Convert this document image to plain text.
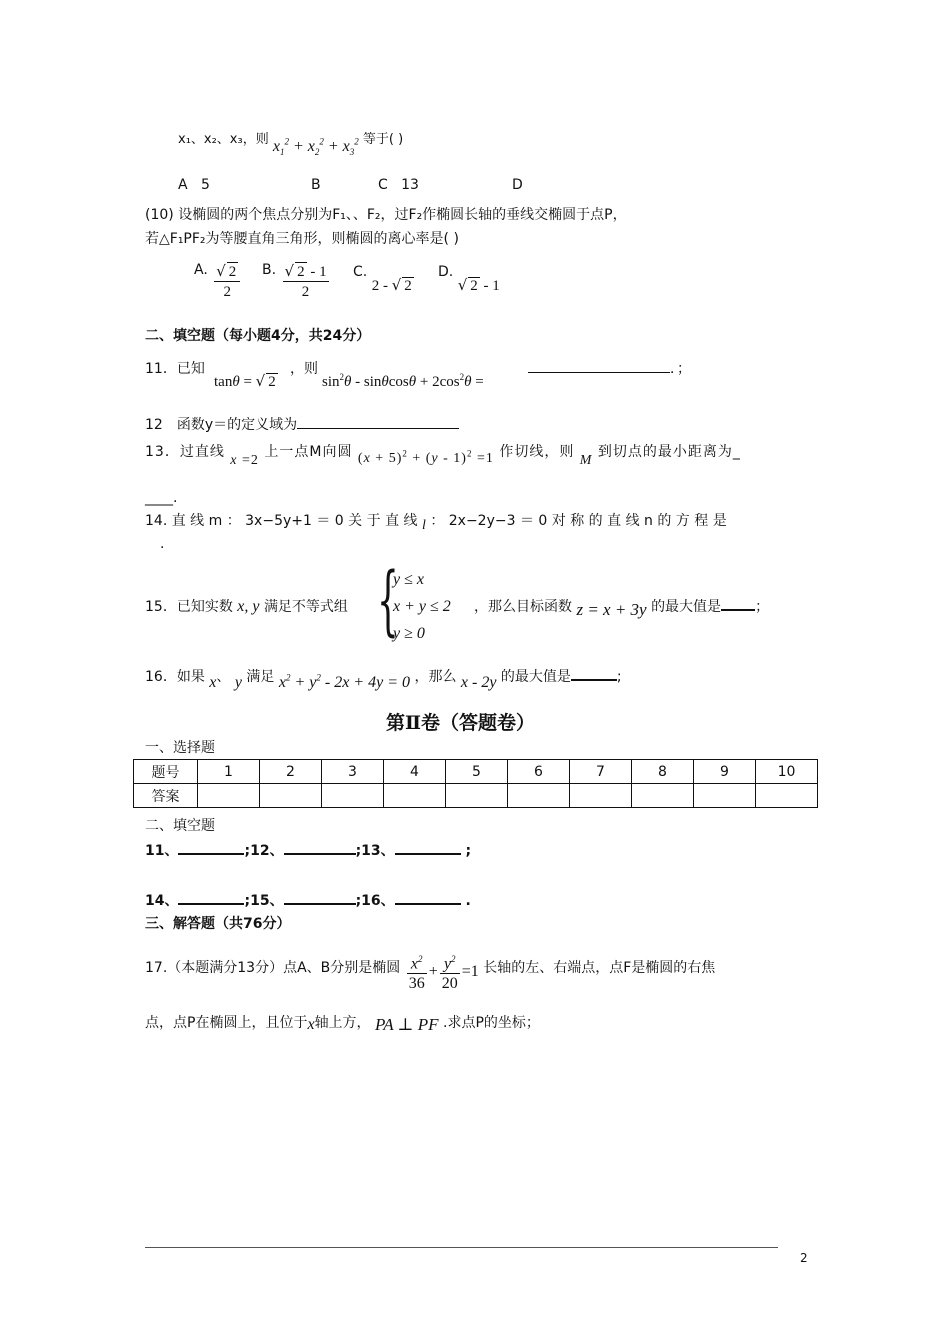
x₁、x₂、x₃，则 $x_1^2 + x_2^2 + x_3^2$ 等于( )
A 5	B	C 13	D
(10) 设椭圆的两个焦点分别为F₁、、F₂，过F₂作椭圆长轴的垂线交椭圆于点P，
若△F₁PF₂为等腰直角三角形，则椭圆的离心率是( )
A. $\frac{√ 2}{2} B$. $\frac{√ 2 - 1}{2} C$. 2 - √ 2
D. √ 2 - 1
二、填空题（每小题4分，共24分）
11．已知
tanθ = √ 2
，则
$\sin^2\theta - \sin\theta\cos\theta + 2\cos^2\theta$ =
．；
12　函数y＝的定义域为
13．过直线 x =2 上一点M向圆 $(x + 5)^2 + (y - 1)^2 =1$ 作切线，则 M 到切点的最小距离为_
____.
14. 直 线 m ： 3x−5y+1 ＝ 0 关 于 直 线 l ： 2x−2y−3 ＝ 0 对 称 的 直 线 n 的 方 程 是
.
15．已知实数 x, y 满足不等式组 {
y ≤ x
x + y ≤ 2
y ≥ 0
，那么目标函数 z = x + 3y 的最大值是 ；
16．如果 x、 y 满足 $x^2 + y^2 - 2x + 4y = 0$ ，那么 x - 2y 的最大值是	;
第Ⅱ卷（答题卷）
一、选择题
题号	1	2	3	4	5	6	7	8	9	10
答案										
二、填空题
11、	;12、	;13、	;
14、	;15、	;16、	.
三、解答题（共76分）
17.（本题满分13分）点A、B分别是椭圆 $\frac{x^2}{36} + \frac{y^2}{20} =1$ 长轴的左、右端点，点F是椭圆的右焦
点，点P在椭圆上，且位于x轴上方， PA ⊥ PF .求点P的坐标；
2
